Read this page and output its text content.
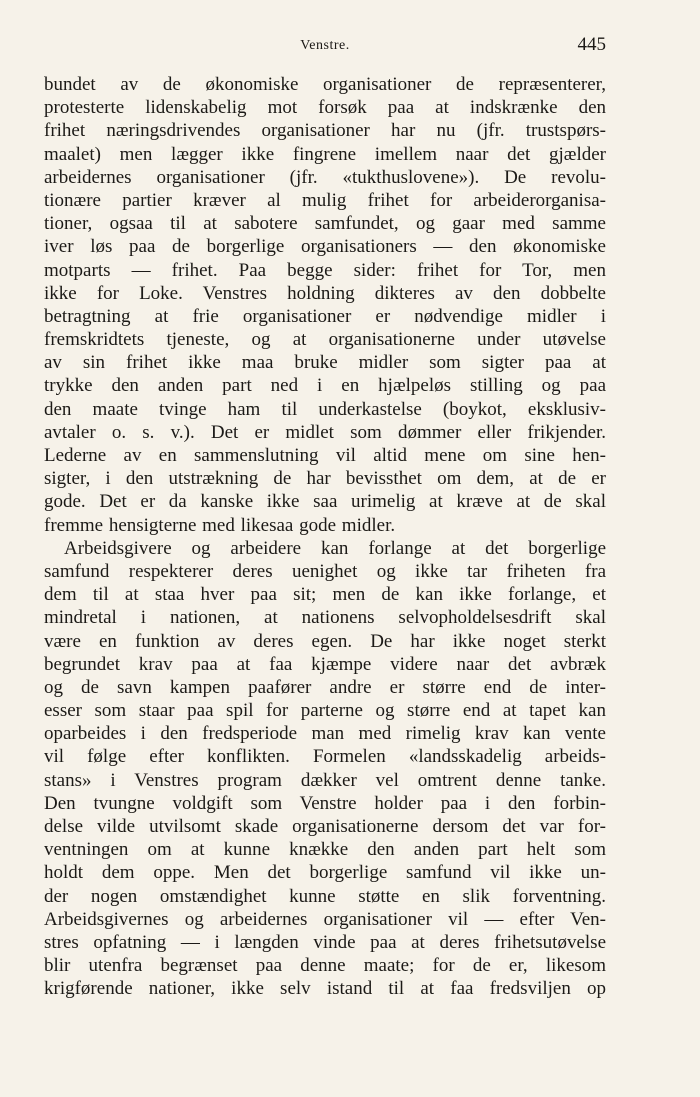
Venstre.	445
bundet av de økonomiske organisationer de repræsenterer,
protesterte lidenskabelig mot forsøk paa at indskrænke den
frihet næringsdrivendes organisationer har nu (jfr. trustspørs-
maalet) men lægger ikke fingrene imellem naar det gjælder
arbeidernes organisationer (jfr. «tukthuslovene»). De revolu-
tionære partier kræver al mulig frihet for arbeiderorganisa-
tioner, ogsaa til at sabotere samfundet, og gaar med samme
iver løs paa de borgerlige organisationers — den økonomiske
motparts — frihet. Paa begge sider: frihet for Tor, men
ikke for Loke. Venstres holdning dikteres av den dobbelte
betragtning at frie organisationer er nødvendige midler i
fremskridtets tjeneste, og at organisationerne under utøvelse
av sin frihet ikke maa bruke midler som sigter paa at
trykke den anden part ned i en hjælpeløs stilling og paa
den maate tvinge ham til underkastelse (boykot, eksklusiv-
avtaler o. s. v.). Det er midlet som dømmer eller frikjender.
Lederne av en sammenslutning vil altid mene om sine hen-
sigter, i den utstrækning de har bevissthet om dem, at de er
gode. Det er da kanske ikke saa urimelig at kræve at de skal
fremme hensigterne med likesaa gode midler.
Arbeidsgivere og arbeidere kan forlange at det borgerlige
samfund respekterer deres uenighet og ikke tar friheten fra
dem til at staa hver paa sit; men de kan ikke forlange, et
mindretal i nationen, at nationens selvopholdelsesdrift skal
være en funktion av deres egen. De har ikke noget sterkt
begrundet krav paa at faa kjæmpe videre naar det avbræk
og de savn kampen paafører andre er større end de inter-
esser som staar paa spil for parterne og større end at tapet kan
oparbeides i den fredsperiode man med rimelig krav kan vente
vil følge efter konflikten. Formelen «landsskadelig arbeids-
stans» i Venstres program dækker vel omtrent denne tanke.
Den tvungne voldgift som Venstre holder paa i den forbin-
delse vilde utvilsomt skade organisationerne dersom det var for-
ventningen om at kunne knække den anden part helt som
holdt dem oppe. Men det borgerlige samfund vil ikke un-
der nogen omstændighet kunne støtte en slik forventning.
Arbeidsgivernes og arbeidernes organisationer vil — efter Ven-
stres opfatning — i længden vinde paa at deres frihetsutøvelse
blir utenfra begrænset paa denne maate; for de er, likesom
krigførende nationer, ikke selv istand til at faa fredsviljen op
